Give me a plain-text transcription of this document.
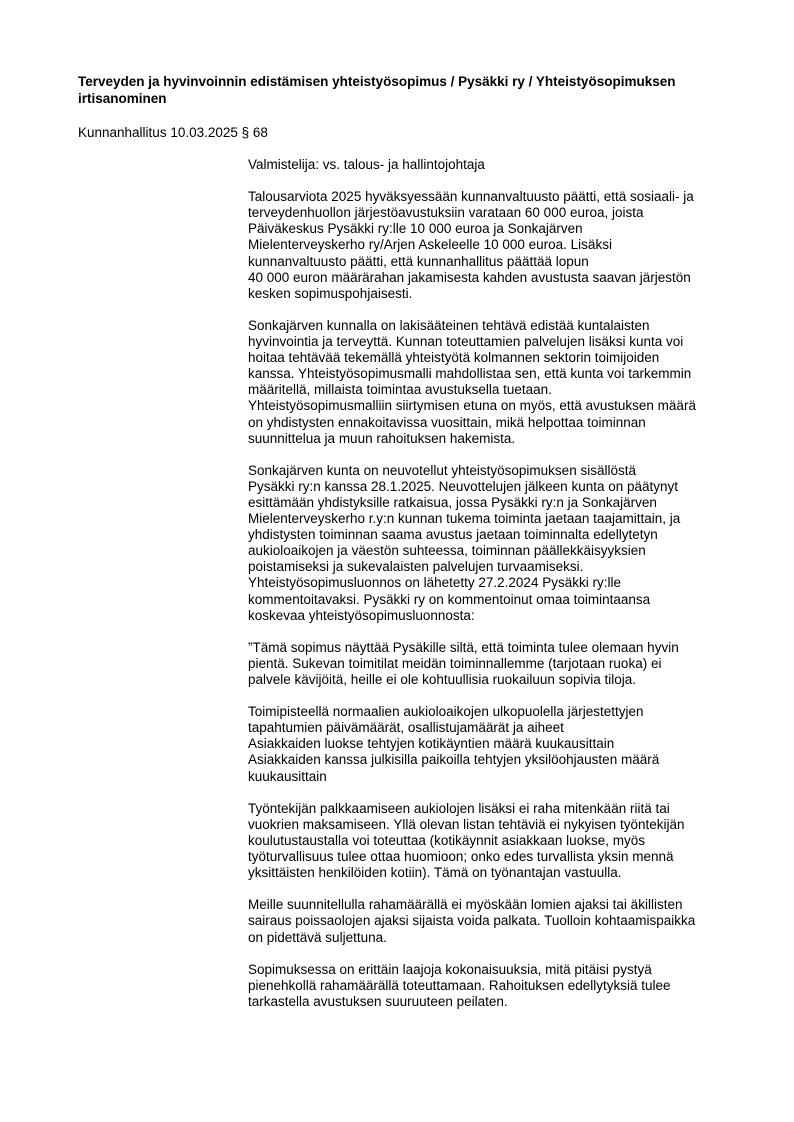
Terveyden ja hyvinvoinnin edistämisen yhteistyösopimus / Pysäkki ry / Yhteistyösopimuksen irtisanominen
Kunnanhallitus 10.03.2025 § 68

Valmistelija: vs. talous- ja hallintojohtaja

Talousarviota 2025 hyväksyessään kunnanvaltuusto päätti, että sosiaali- ja
terveydenhuollon järjestöavustuksiin varataan 60 000 euroa, joista
Päiväkeskus Pysäkki ry:lle 10 000 euroa ja Sonkajärven
Mielenterveyskerho ry/Arjen Askeleelle 10 000 euroa. Lisäksi
kunnanvaltuusto päätti, että kunnanhallitus päättää lopun
40 000 euron määrärahan jakamisesta kahden avustusta saavan järjestön
kesken sopimuspohjaisesti.

Sonkajärven kunnalla on lakisääteinen tehtävä edistää kuntalaisten
hyvinvointia ja terveyttä. Kunnan toteuttamien palvelujen lisäksi kunta voi
hoitaa tehtävää tekemällä yhteistyötä kolmannen sektorin toimijoiden
kanssa. Yhteistyösopimusmalli mahdollistaa sen, että kunta voi tarkemmin
määritellä, millaista toimintaa avustuksella tuetaan.
Yhteistyösopimusmalliin siirtymisen etuna on myös, että avustuksen määrä
on yhdistysten ennakoitavissa vuosittain, mikä helpottaa toiminnan
suunnittelua ja muun rahoituksen hakemista.

Sonkajärven kunta on neuvotellut yhteistyösopimuksen sisällöstä
Pysäkki ry:n kanssa 28.1.2025. Neuvottelujen jälkeen kunta on päätynyt
esittämään yhdistyksille ratkaisua, jossa Pysäkki ry:n ja Sonkajärven
Mielenterveyskerho r.y:n kunnan tukema toiminta jaetaan taajamittain, ja
yhdistysten toiminnan saama avustus jaetaan toiminnalta edellytetyn
aukioloaikojen ja väestön suhteessa, toiminnan päällekkäisyyksien
poistamiseksi ja sukevalaisten palvelujen turvaamiseksi.
Yhteistyösopimusluonnos on lähetetty 27.2.2024 Pysäkki ry:lle
kommentoitavaksi. Pysäkki ry on kommentoinut omaa toimintaansa
koskevaa yhteistyösopimusluonnosta:

”Tämä sopimus näyttää Pysäkille siltä, että toiminta tulee olemaan hyvin
pientä. Sukevan toimitilat meidän toiminnallemme (tarjotaan ruoka) ei
palvele kävijöitä, heille ei ole kohtuullisia ruokailuun sopivia tiloja.

Toimipisteellä normaalien aukioloaikojen ulkopuolella järjestettyjen
tapahtumien päivämäärät, osallistujamäärät ja aiheet
Asiakkaiden luokse tehtyjen kotikäyntien määrä kuukausittain
Asiakkaiden kanssa julkisilla paikoilla tehtyjen yksilöohjausten määrä
kuukausittain

Työntekijän palkkaamiseen aukiolojen lisäksi ei raha mitenkään riitä tai
vuokrien maksamiseen. Yllä olevan listan tehtäviä ei nykyisen työntekijän
koulutustaustalla voi toteuttaa (kotikäynnit asiakkaan luokse, myös
työturvallisuus tulee ottaa huomioon; onko edes turvallista yksin mennä
yksittäisten henkilöiden kotiin). Tämä on työnantajan vastuulla.

Meille suunnitellulla rahamäärällä ei myöskään lomien ajaksi tai äkillisten
sairaus poissaolojen ajaksi sijaista voida palkata. Tuolloin kohtaamispaikka
on pidettävä suljettuna.

Sopimuksessa on erittäin laajoja kokonaisuuksia, mitä pitäisi pystyä
pienehkollä rahamäärällä toteuttamaan. Rahoituksen edellytyksiä tulee
tarkastella avustuksen suuruuteen peilaten.
